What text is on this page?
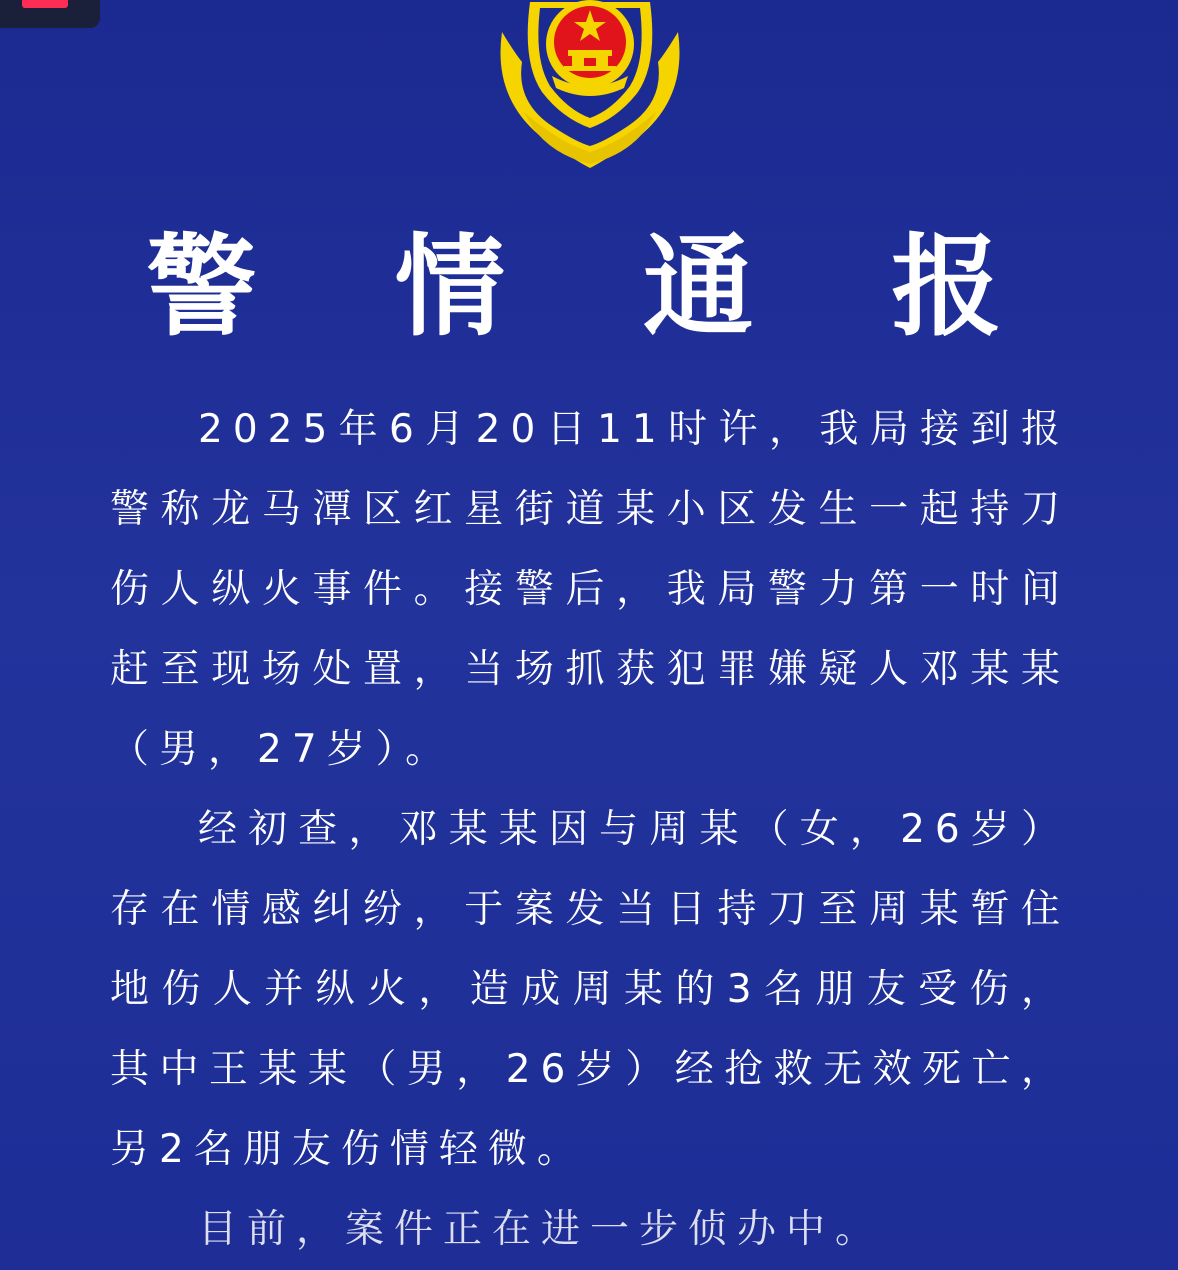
警 情 通 报

2025年6月20日11时许，我局接到报警称龙马潭区红星街道某小区发生一起持刀伤人纵火事件。接警后，我局警力第一时间赶至现场处置，当场抓获犯罪嫌疑人邓某某（男，27岁）。

经初查，邓某某因与周某（女，26岁）存在情感纠纷，于案发当日持刀至周某暂住地伤人并纵火，造成周某的3名朋友受伤，其中王某某（男，26岁）经抢救无效死亡，另2名朋友伤情轻微。

目前，案件正在进一步侦办中。
